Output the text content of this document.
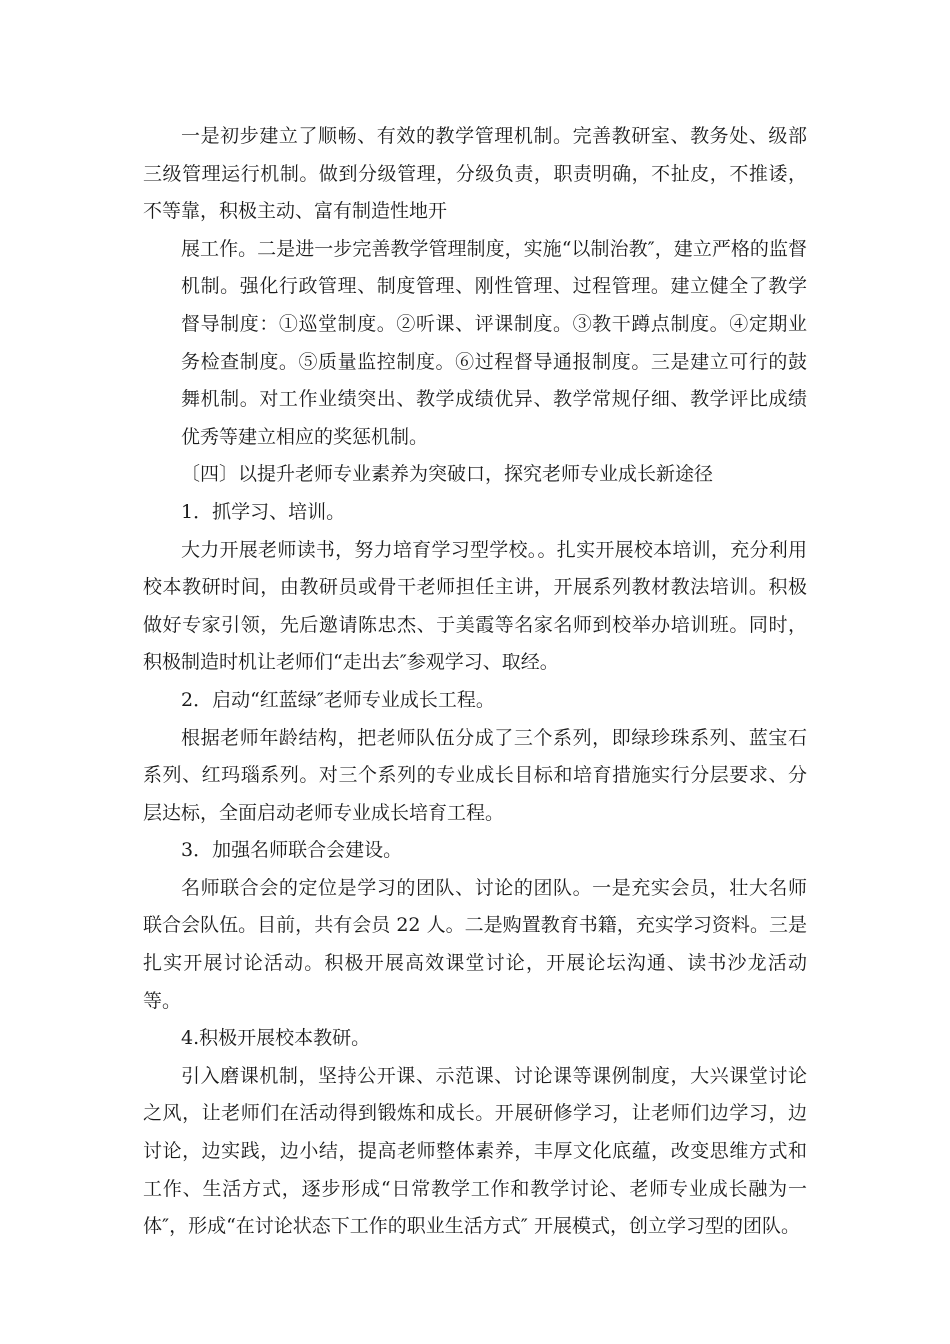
一是初步建立了顺畅、有效的教学管理机制。完善教研室、教务处、级部三级管理运行机制。做到分级管理，分级负责，职责明确，不扯皮，不推诿，不等靠，积极主动、富有制造性地开

展工作。二是进一步完善教学管理制度，实施“以制治教″，建立严格的监督机制。强化行政管理、制度管理、刚性管理、过程管理。建立健全了教学督导制度：①巡堂制度。②听课、评课制度。③教干蹲点制度。④定期业务检查制度。⑤质量监控制度。⑥过程督导通报制度。三是建立可行的鼓舞机制。对工作业绩突出、教学成绩优异、教学常规仔细、教学评比成绩优秀等建立相应的奖惩机制。

〔四〕以提升老师专业素养为突破口，探究老师专业成长新途径

1．抓学习、培训。

大力开展老师读书，努力培育学习型学校。。扎实开展校本培训，充分利用校本教研时间，由教研员或骨干老师担任主讲，开展系列教材教法培训。积极做好专家引领，先后邀请陈忠杰、于美霞等名家名师到校举办培训班。同时，积极制造时机让老师们“走出去″参观学习、取经。

2．启动“红蓝绿″老师专业成长工程。

根据老师年龄结构，把老师队伍分成了三个系列，即绿珍珠系列、蓝宝石系列、红玛瑙系列。对三个系列的专业成长目标和培育措施实行分层要求、分层达标，全面启动老师专业成长培育工程。

3．加强名师联合会建设。

名师联合会的定位是学习的团队、讨论的团队。一是充实会员，壮大名师联合会队伍。目前，共有会员 22 人。二是购置教育书籍，充实学习资料。三是扎实开展讨论活动。积极开展高效课堂讨论，开展论坛沟通、读书沙龙活动等。

4.积极开展校本教研。

引入磨课机制，坚持公开课、示范课、讨论课等课例制度，大兴课堂讨论之风，让老师们在活动得到锻炼和成长。开展研修学习，让老师们边学习，边讨论，边实践，边小结，提高老师整体素养，丰厚文化底蕴，改变思维方式和工作、生活方式，逐步形成“日常教学工作和教学讨论、老师专业成长融为一体″，形成“在讨论状态下工作的职业生活方式″ 开展模式，创立学习型的团队。
